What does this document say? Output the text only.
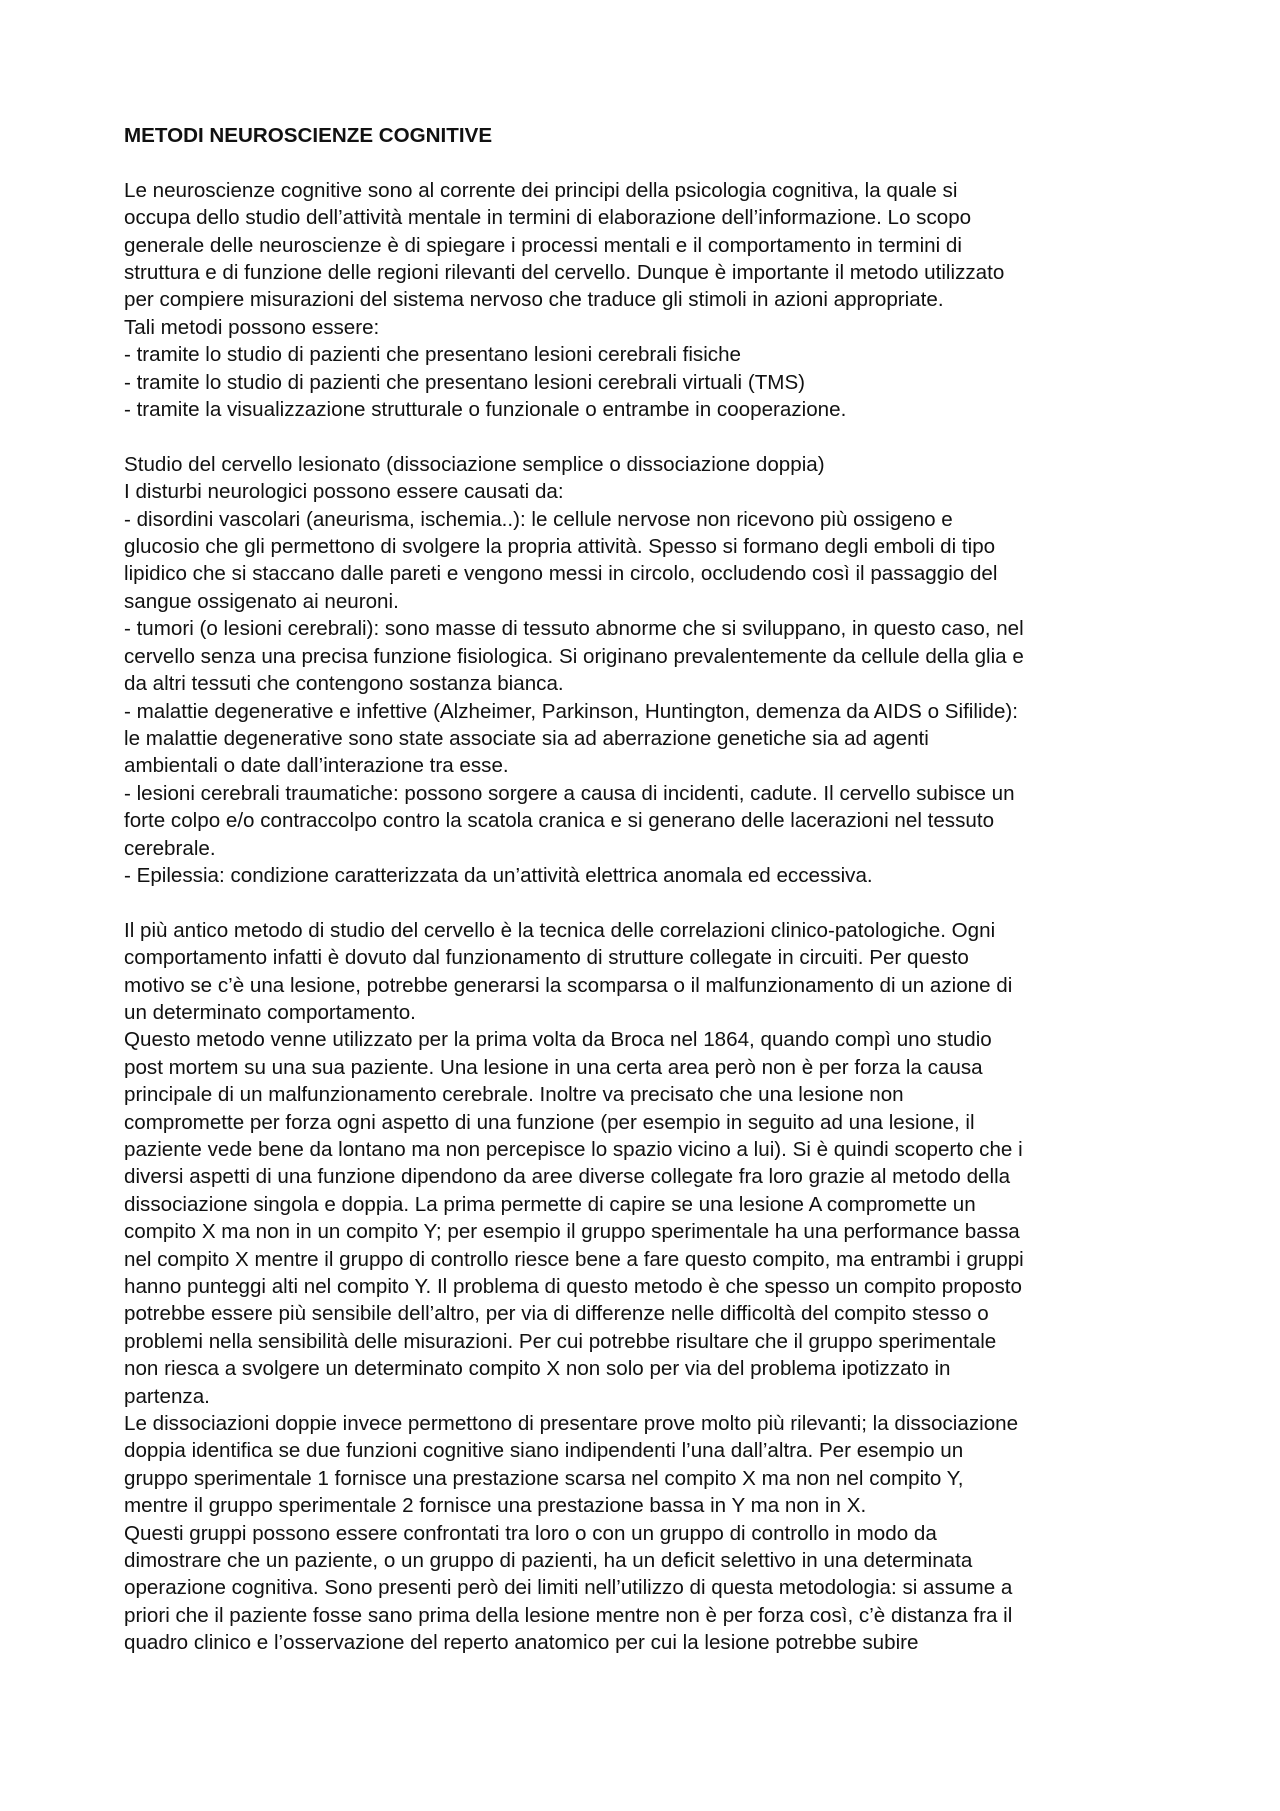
METODI NEUROSCIENZE COGNITIVE

Le neuroscienze cognitive sono al corrente dei principi della psicologia cognitiva, la quale si

occupa dello studio dell’attività mentale in termini di elaborazione dell’informazione. Lo scopo

generale delle neuroscienze è di spiegare i processi mentali e il comportamento in termini di

struttura e di funzione delle regioni rilevanti del cervello. Dunque è importante il metodo utilizzato

per compiere misurazioni del sistema nervoso che traduce gli stimoli in azioni appropriate.

Tali metodi possono essere:

- tramite lo studio di pazienti che presentano lesioni cerebrali fisiche

- tramite lo studio di pazienti che presentano lesioni cerebrali virtuali (TMS)

- tramite la visualizzazione strutturale o funzionale o entrambe in cooperazione.

Studio del cervello lesionato (dissociazione semplice o dissociazione doppia)

I disturbi neurologici possono essere causati da:

- disordini vascolari (aneurisma, ischemia..): le cellule nervose non ricevono più ossigeno e

glucosio che gli permettono di svolgere la propria attività. Spesso si formano degli emboli di tipo

lipidico che si staccano dalle pareti e vengono messi in circolo, occludendo così il passaggio del

sangue ossigenato ai neuroni.

- tumori (o lesioni cerebrali): sono masse di tessuto abnorme che si sviluppano, in questo caso, nel

cervello senza una precisa funzione fisiologica. Si originano prevalentemente da cellule della glia e

da altri tessuti che contengono sostanza bianca.

- malattie degenerative e infettive (Alzheimer, Parkinson, Huntington, demenza da AIDS o Sifilide):

le malattie degenerative sono state associate sia ad aberrazione genetiche sia ad agenti

ambientali o date dall’interazione tra esse.

- lesioni cerebrali traumatiche: possono sorgere a causa di incidenti, cadute. Il cervello subisce un

forte colpo e/o contraccolpo contro la scatola cranica e si generano delle lacerazioni nel tessuto

cerebrale.

- Epilessia: condizione caratterizzata da un’attività elettrica anomala ed eccessiva.

Il più antico metodo di studio del cervello è la tecnica delle correlazioni clinico-patologiche. Ogni

comportamento infatti è dovuto dal funzionamento di strutture collegate in circuiti. Per questo

motivo se c’è una lesione, potrebbe generarsi la scomparsa o il malfunzionamento di un azione di

un determinato comportamento.

Questo metodo venne utilizzato per la prima volta da Broca nel 1864, quando compì uno studio

post mortem su una sua paziente. Una lesione in una certa area però non è per forza la causa

principale di un malfunzionamento cerebrale. Inoltre va precisato che una lesione non

compromette per forza ogni aspetto di una funzione (per esempio in seguito ad una lesione, il

paziente vede bene da lontano ma non percepisce lo spazio vicino a lui). Si è quindi scoperto che i

diversi aspetti di una funzione dipendono da aree diverse collegate fra loro grazie al metodo della

dissociazione singola e doppia. La prima permette di capire se una lesione A compromette un

compito X ma non in un compito Y; per esempio il gruppo sperimentale ha una performance bassa

nel compito X mentre il gruppo di controllo riesce bene a fare questo compito, ma entrambi i gruppi

hanno punteggi alti nel compito Y. Il problema di questo metodo è che spesso un compito proposto

potrebbe essere più sensibile dell’altro, per via di differenze nelle difficoltà del compito stesso o

problemi nella sensibilità delle misurazioni. Per cui potrebbe risultare che il gruppo sperimentale

non riesca a svolgere un determinato compito X non solo per via del problema ipotizzato in

partenza.

Le dissociazioni doppie invece permettono di presentare prove molto più rilevanti; la dissociazione

doppia identifica se due funzioni cognitive siano indipendenti l’una dall’altra. Per esempio un

gruppo sperimentale 1 fornisce una prestazione scarsa nel compito X ma non nel compito Y,

mentre il gruppo sperimentale 2 fornisce una prestazione bassa in Y ma non in X.

Questi gruppi possono essere confrontati tra loro o con un gruppo di controllo in modo da

dimostrare che un paziente, o un gruppo di pazienti, ha un deficit selettivo in una determinata

operazione cognitiva. Sono presenti però dei limiti nell’utilizzo di questa metodologia: si assume a

priori che il paziente fosse sano prima della lesione mentre non è per forza così, c’è distanza fra il

quadro clinico e l’osservazione del reperto anatomico per cui la lesione potrebbe subire
